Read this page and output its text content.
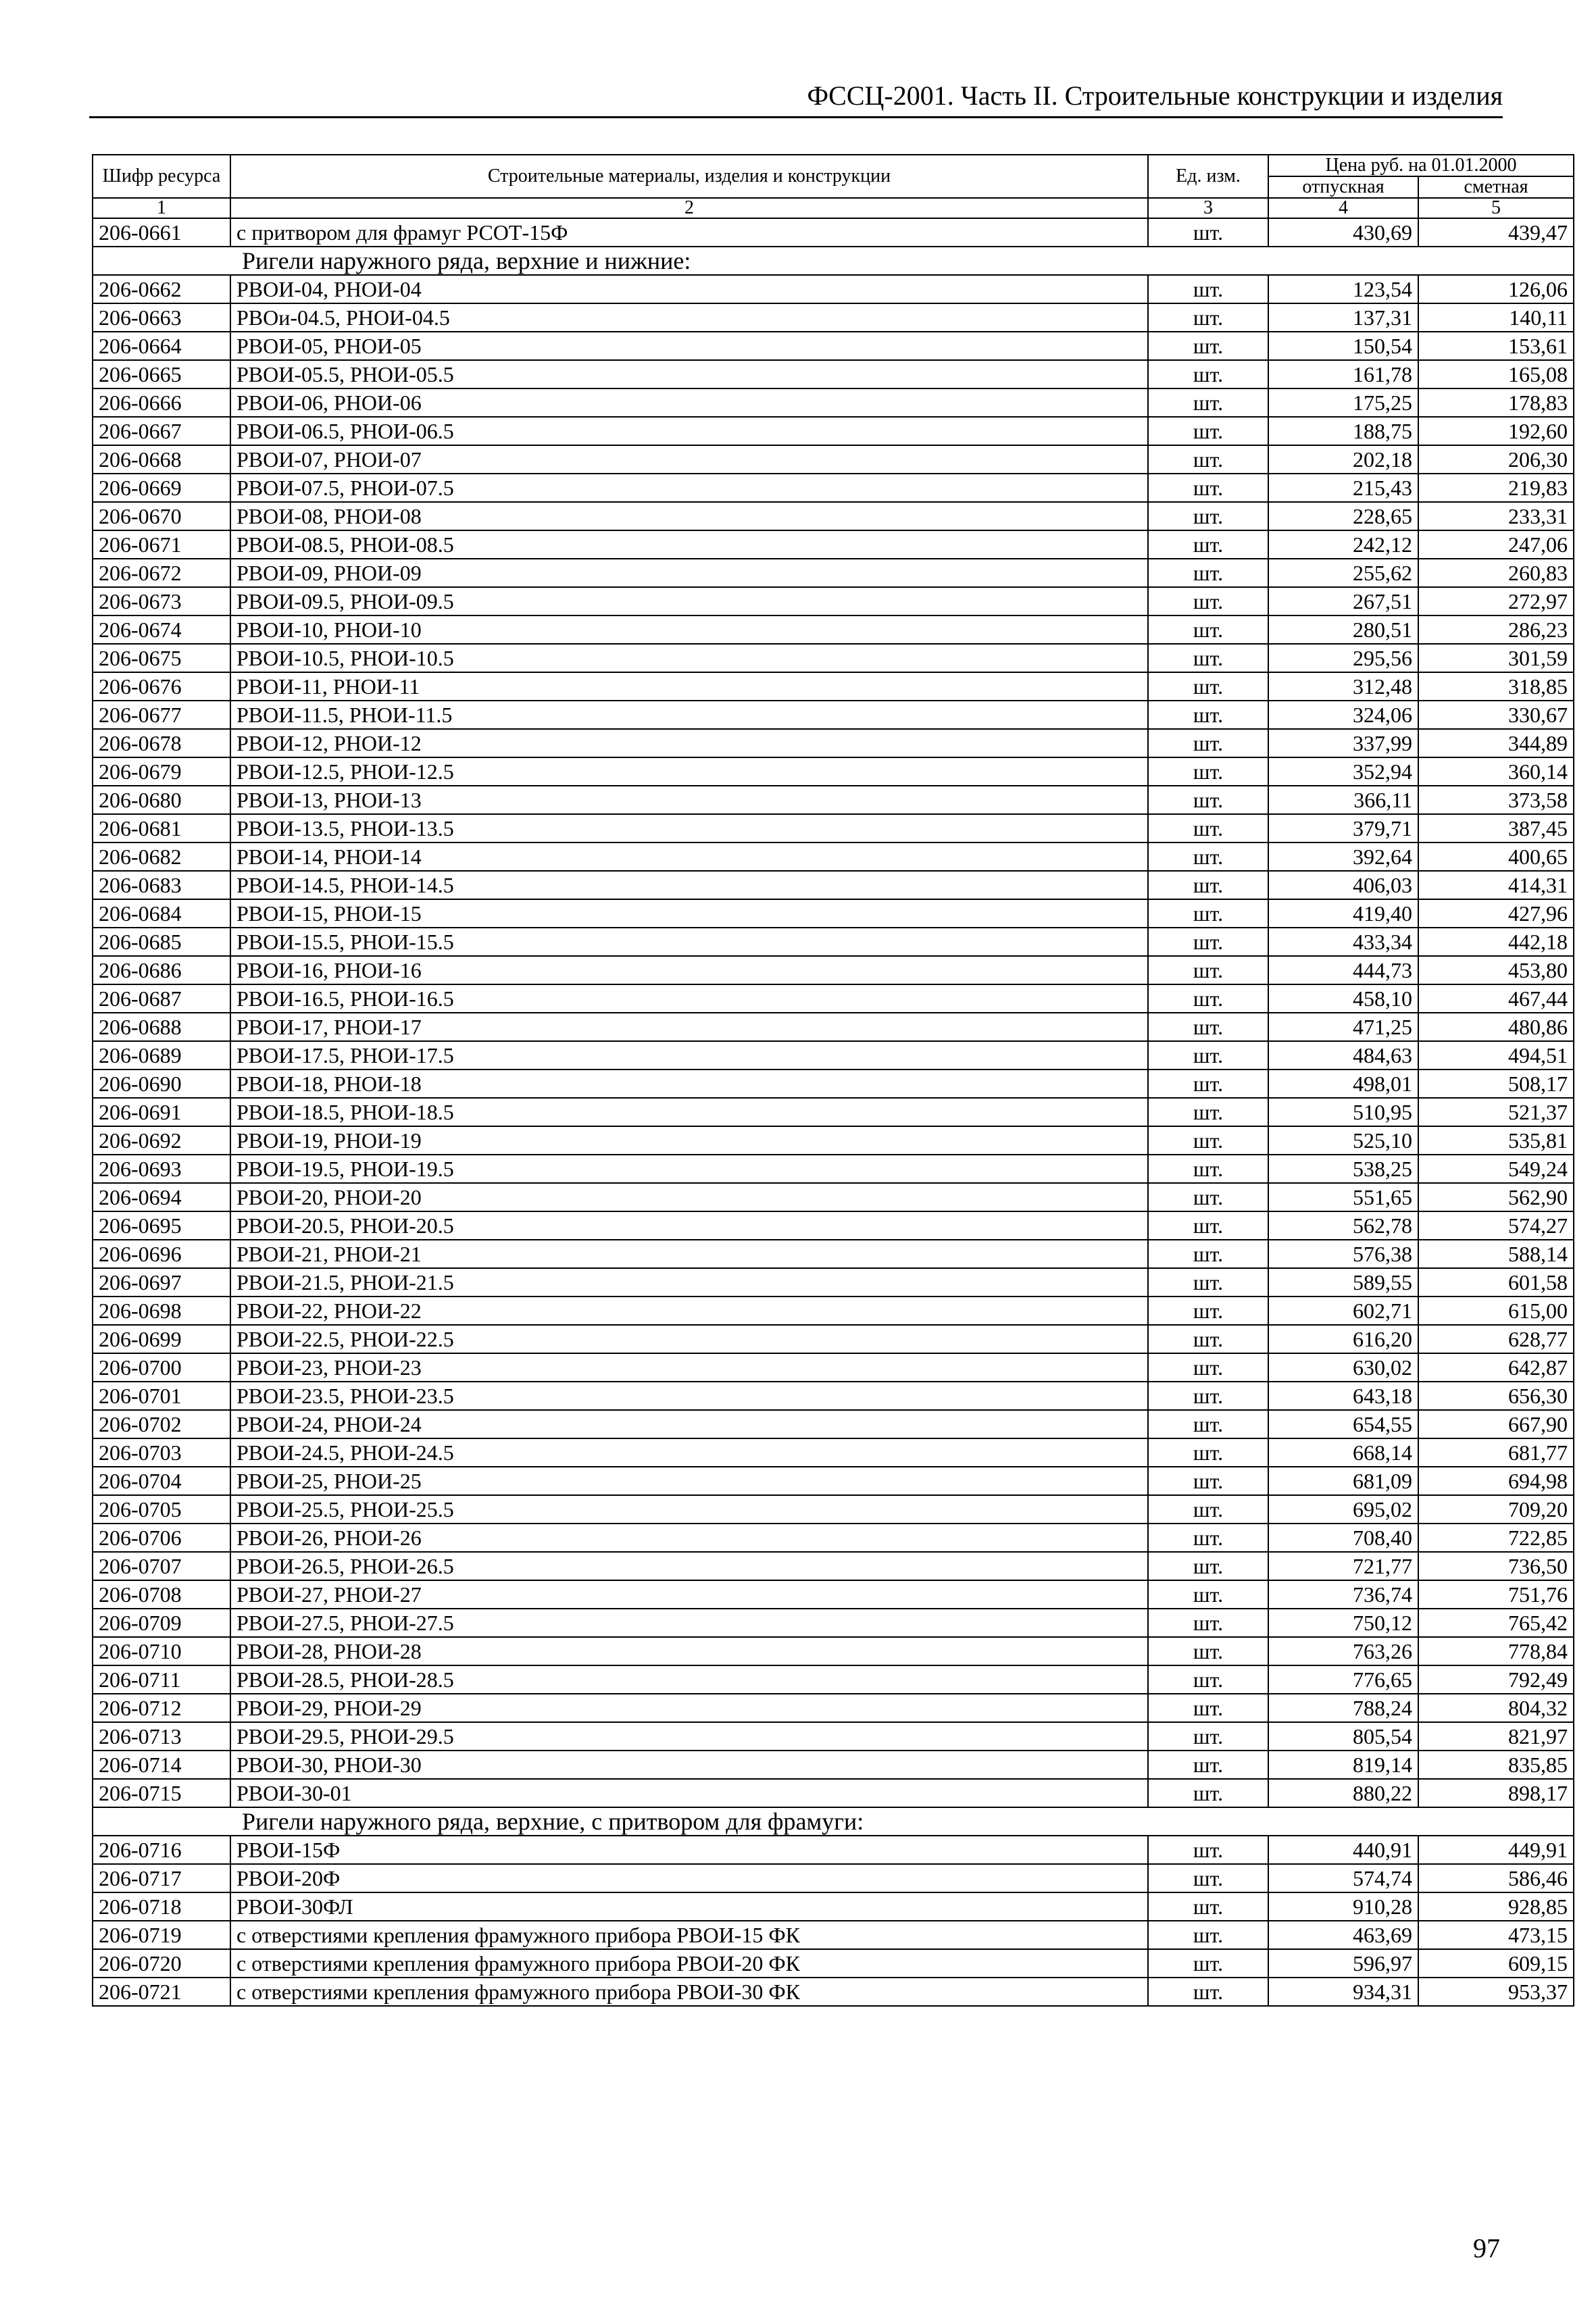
ФССЦ-2001. Часть II. Строительные конструкции и изделия
Шифр ресурса	Строительные материалы, изделия и конструкции	Ед. изм.	Цена руб. на 01.01.2000	
			отпускная	сметная
1	2	3	4	5
206-0661	с притвором для фрамуг РСОТ-15Ф	шт.	430,69	439,47
Ригели наружного ряда, верхние и нижние:				
206-0662	РВОИ-04, РНОИ-04	шт.	123,54	126,06
206-0663	РВОи-04.5, РНОИ-04.5	шт.	137,31	140,11
206-0664	РВОИ-05, РНОИ-05	шт.	150,54	153,61
206-0665	РВОИ-05.5, РНОИ-05.5	шт.	161,78	165,08
206-0666	РВОИ-06, РНОИ-06	шт.	175,25	178,83
206-0667	РВОИ-06.5, РНОИ-06.5	шт.	188,75	192,60
206-0668	РВОИ-07, РНОИ-07	шт.	202,18	206,30
206-0669	РВОИ-07.5, РНОИ-07.5	шт.	215,43	219,83
206-0670	РВОИ-08, РНОИ-08	шт.	228,65	233,31
206-0671	РВОИ-08.5, РНОИ-08.5	шт.	242,12	247,06
206-0672	РВОИ-09, РНОИ-09	шт.	255,62	260,83
206-0673	РВОИ-09.5, РНОИ-09.5	шт.	267,51	272,97
206-0674	РВОИ-10, РНОИ-10	шт.	280,51	286,23
206-0675	РВОИ-10.5, РНОИ-10.5	шт.	295,56	301,59
206-0676	РВОИ-11, РНОИ-11	шт.	312,48	318,85
206-0677	РВОИ-11.5, РНОИ-11.5	шт.	324,06	330,67
206-0678	РВОИ-12, РНОИ-12	шт.	337,99	344,89
206-0679	РВОИ-12.5, РНОИ-12.5	шт.	352,94	360,14
206-0680	РВОИ-13, РНОИ-13	шт.	366,11	373,58
206-0681	РВОИ-13.5, РНОИ-13.5	шт.	379,71	387,45
206-0682	РВОИ-14, РНОИ-14	шт.	392,64	400,65
206-0683	РВОИ-14.5, РНОИ-14.5	шт.	406,03	414,31
206-0684	РВОИ-15, РНОИ-15	шт.	419,40	427,96
206-0685	РВОИ-15.5, РНОИ-15.5	шт.	433,34	442,18
206-0686	РВОИ-16, РНОИ-16	шт.	444,73	453,80
206-0687	РВОИ-16.5, РНОИ-16.5	шт.	458,10	467,44
206-0688	РВОИ-17, РНОИ-17	шт.	471,25	480,86
206-0689	РВОИ-17.5, РНОИ-17.5	шт.	484,63	494,51
206-0690	РВОИ-18, РНОИ-18	шт.	498,01	508,17
206-0691	РВОИ-18.5, РНОИ-18.5	шт.	510,95	521,37
206-0692	РВОИ-19, РНОИ-19	шт.	525,10	535,81
206-0693	РВОИ-19.5, РНОИ-19.5	шт.	538,25	549,24
206-0694	РВОИ-20, РНОИ-20	шт.	551,65	562,90
206-0695	РВОИ-20.5, РНОИ-20.5	шт.	562,78	574,27
206-0696	РВОИ-21, РНОИ-21	шт.	576,38	588,14
206-0697	РВОИ-21.5, РНОИ-21.5	шт.	589,55	601,58
206-0698	РВОИ-22, РНОИ-22	шт.	602,71	615,00
206-0699	РВОИ-22.5, РНОИ-22.5	шт.	616,20	628,77
206-0700	РВОИ-23, РНОИ-23	шт.	630,02	642,87
206-0701	РВОИ-23.5, РНОИ-23.5	шт.	643,18	656,30
206-0702	РВОИ-24, РНОИ-24	шт.	654,55	667,90
206-0703	РВОИ-24.5, РНОИ-24.5	шт.	668,14	681,77
206-0704	РВОИ-25, РНОИ-25	шт.	681,09	694,98
206-0705	РВОИ-25.5, РНОИ-25.5	шт.	695,02	709,20
206-0706	РВОИ-26, РНОИ-26	шт.	708,40	722,85
206-0707	РВОИ-26.5, РНОИ-26.5	шт.	721,77	736,50
206-0708	РВОИ-27, РНОИ-27	шт.	736,74	751,76
206-0709	РВОИ-27.5, РНОИ-27.5	шт.	750,12	765,42
206-0710	РВОИ-28, РНОИ-28	шт.	763,26	778,84
206-0711	РВОИ-28.5, РНОИ-28.5	шт.	776,65	792,49
206-0712	РВОИ-29, РНОИ-29	шт.	788,24	804,32
206-0713	РВОИ-29.5, РНОИ-29.5	шт.	805,54	821,97
206-0714	РВОИ-30, РНОИ-30	шт.	819,14	835,85
206-0715	РВОИ-30-01	шт.	880,22	898,17
Ригели наружного ряда, верхние, с притвором для фрамуги:				
206-0716	РВОИ-15Ф	шт.	440,91	449,91
206-0717	РВОИ-20Ф	шт.	574,74	586,46
206-0718	РВОИ-30ФЛ	шт.	910,28	928,85
206-0719	с отверстиями крепления фрамужного прибора РВОИ-15 ФК	шт.	463,69	473,15
206-0720	с отверстиями крепления фрамужного прибора РВОИ-20 ФК	шт.	596,97	609,15
206-0721	с отверстиями крепления фрамужного прибора РВОИ-30 ФК	шт.	934,31	953,37
97
